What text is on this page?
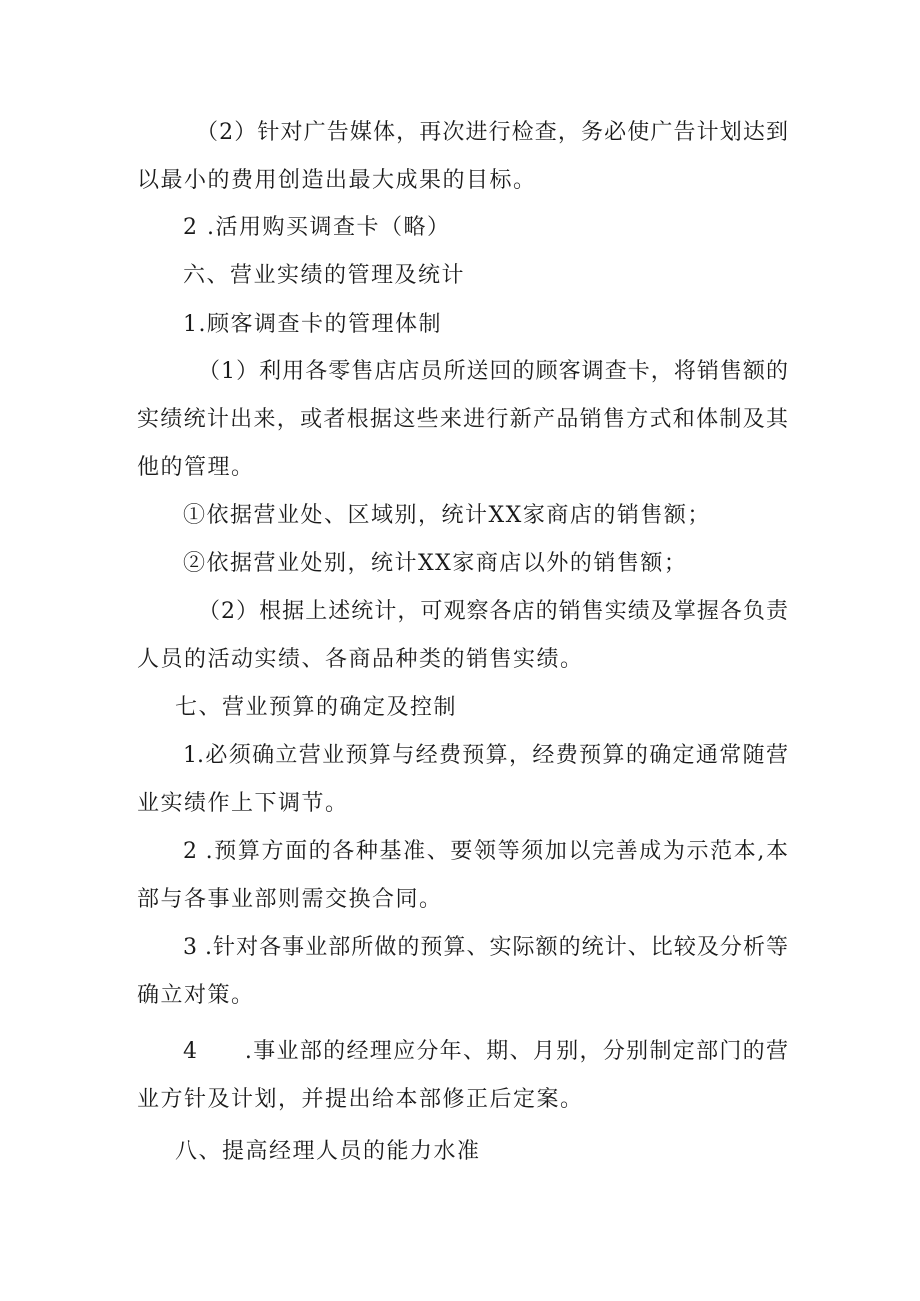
（2）针对广告媒体，再次进行检查，务必使广告计划达到
以最小的费用创造出最大成果的目标。
2 .活用购买调查卡（略）
六、营业实绩的管理及统计
1.顾客调查卡的管理体制
（1）利用各零售店店员所送回的顾客调查卡，将销售额的
实绩统计出来，或者根据这些来进行新产品销售方式和体制及其
他的管理。
①依据营业处、区域别，统计XX家商店的销售额；
②依据营业处别，统计XX家商店以外的销售额；
（2）根据上述统计，可观察各店的销售实绩及掌握各负责
人员的活动实绩、各商品种类的销售实绩。
七、营业预算的确定及控制
1.必须确立营业预算与经费预算，经费预算的确定通常随营
业实绩作上下调节。
2 .预算方面的各种基准、要领等须加以完善成为示范本,本
部与各事业部则需交换合同。
3 .针对各事业部所做的预算、实际额的统计、比较及分析等
确立对策。
4　　.事业部的经理应分年、期、月别，分别制定部门的营
业方针及计划，并提出给本部修正后定案。
八、提高经理人员的能力水准
